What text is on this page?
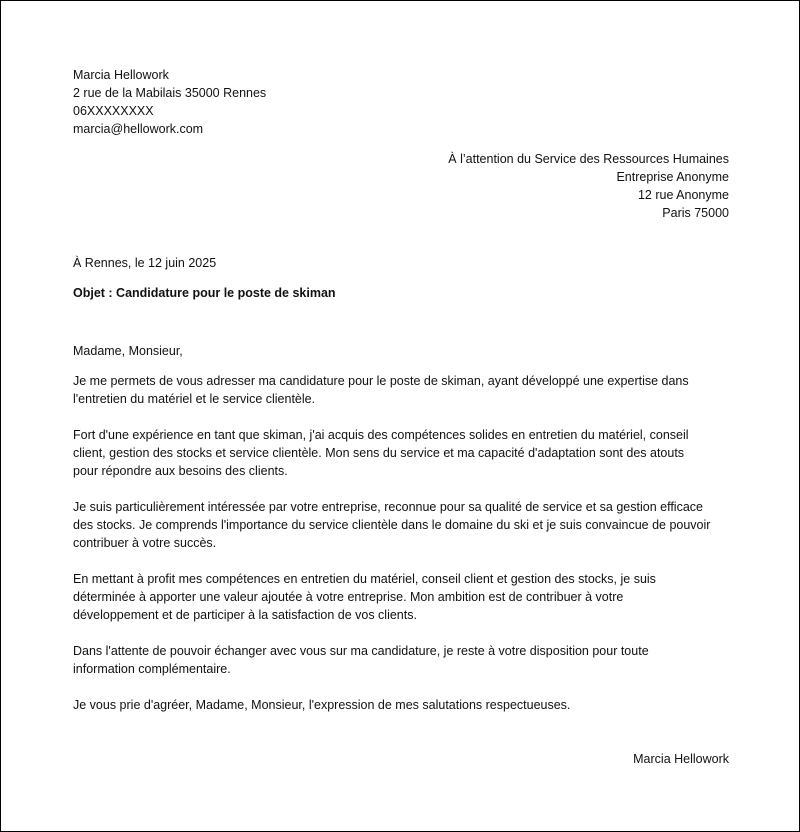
Marcia Hellowork
2 rue de la Mabilais 35000 Rennes
06XXXXXXXX
marcia@hellowork.com
À l’attention du Service des Ressources Humaines
Entreprise Anonyme
12 rue Anonyme
Paris 75000
À Rennes, le 12 juin 2025
Objet : Candidature pour le poste de skiman
Madame, Monsieur,
Je me permets de vous adresser ma candidature pour le poste de skiman, ayant développé une expertise dans
l'entretien du matériel et le service clientèle.
Fort d'une expérience en tant que skiman, j'ai acquis des compétences solides en entretien du matériel, conseil
client, gestion des stocks et service clientèle. Mon sens du service et ma capacité d'adaptation sont des atouts
pour répondre aux besoins des clients.
Je suis particulièrement intéressée par votre entreprise, reconnue pour sa qualité de service et sa gestion efficace
des stocks. Je comprends l'importance du service clientèle dans le domaine du ski et je suis convaincue de pouvoir
contribuer à votre succès.
En mettant à profit mes compétences en entretien du matériel, conseil client et gestion des stocks, je suis
déterminée à apporter une valeur ajoutée à votre entreprise. Mon ambition est de contribuer à votre
développement et de participer à la satisfaction de vos clients.
Dans l'attente de pouvoir échanger avec vous sur ma candidature, je reste à votre disposition pour toute
information complémentaire.
Je vous prie d'agréer, Madame, Monsieur, l'expression de mes salutations respectueuses.
Marcia Hellowork
